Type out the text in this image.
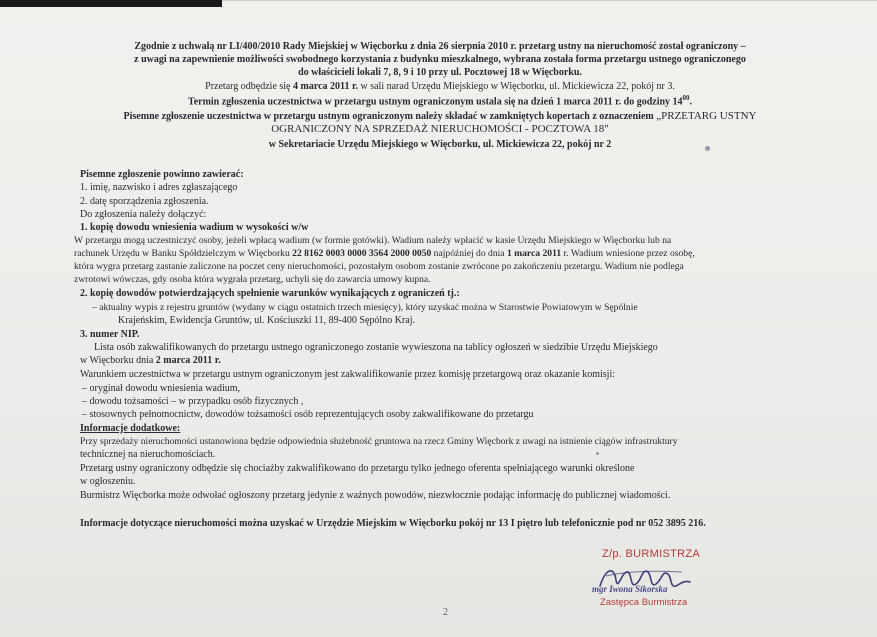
Zgodnie z uchwałą nr LI/400/2010 Rady Miejskiej w Więcborku z dnia 26 sierpnia 2010 r. przetarg ustny na nieruchomość został ograniczony –
z uwagi na zapewnienie możliwości swobodnego korzystania z budynku mieszkalnego, wybrana została forma przetargu ustnego ograniczonego
do właścicieli lokali 7, 8, 9 i 10 przy ul. Pocztowej 18 w Więcborku.
Przetarg odbędzie się 4 marca 2011 r. w sali narad Urzędu Miejskiego w Więcborku, ul. Mickiewicza 22, pokój nr 3.
Termin zgłoszenia uczestnictwa w przetargu ustnym ograniczonym ustala się na dzień 1 marca 2011 r. do godziny $14^{00}$.
Pisemne zgłoszenie uczestnictwa w przetargu ustnym ograniczonym należy składać w zamkniętych kopertach z oznaczeniem „PRZETARG USTNY
OGRANICZONY NA SPRZEDAŻ NIERUCHOMOŚCI - POCZTOWA 18"
w Sekretariacie Urzędu Miejskiego w Więcborku, ul. Mickiewicza 22, pokój nr 2
Pisemne zgłoszenie powinno zawierać:
1. imię, nazwisko i adres zgłaszającego
2. datę sporządzenia zgłoszenia.
Do zgłoszenia należy dołączyć:
1. kopię dowodu wniesienia wadium w wysokości w/w
W przetargu mogą uczestniczyć osoby, jeżeli wpłacą wadium (w formie gotówki). Wadium należy wpłacić w kasie Urzędu Miejskiego w Więcborku lub na
rachunek Urzędu w Banku Spółdzielczym w Więcborku 22 8162 0003 0000 3564 2000 0050 najpóźniej do dnia 1 marca 2011 r. Wadium wniesione przez osobę,
która wygra przetarg zastanie zaliczone na poczet ceny nieruchomości, pozostałym osobom zostanie zwrócone po zakończeniu przetargu. Wadium nie podlega
zwrotowi wówczas, gdy osoba która wygrała przetarg, uchyli się do zawarcia umowy kupna.
2. kopię dowodów potwierdzających spełnienie warunków wynikających z ograniczeń tj.:
– aktualny wypis z rejestru gruntów (wydany w ciągu ostatnich trzech miesięcy), który uzyskać można w Starostwie Powiatowym w Sępólnie
Krajeńskim, Ewidencja Gruntów, ul. Kościuszki 11, 89-400 Sępólno Kraj.
3. numer NIP.
Lista osób zakwalifikowanych do przetargu ustnego ograniczonego zostanie wywieszona na tablicy ogłoszeń w siedzibie Urzędu Miejskiego
w Więcborku dnia 2 marca 2011 r.
Warunkiem uczestnictwa w przetargu ustnym ograniczonym jest zakwalifikowanie przez komisję przetargową oraz okazanie komisji:
– oryginał dowodu wniesienia wadium,
– dowodu tożsamości – w przypadku osób fizycznych ,
– stosownych pełnomocnictw, dowodów tożsamości osób reprezentujących osoby zakwalifikowane do przetargu
Informacje dodatkowe:
Przy sprzedaży nieruchomości ustanowiona będzie odpowiednia służebność gruntowa na rzecz Gminy Więcbork z uwagi na istnienie ciągów infrastruktury
technicznej na nieruchomościach.
Przetarg ustny ograniczony odbędzie się chociażby zakwalifikowano do przetargu tylko jednego oferenta spełniającego warunki określone
w ogłoszeniu.
Burmistrz Więcborka może odwołać ogłoszony przetarg jedynie z ważnych powodów, niezwłocznie podając informację do publicznej wiadomości.
Informacje dotyczące nieruchomości można uzyskać w Urzędzie Miejskim w Więcborku pokój nr 13 I piętro lub telefonicznie pod nr 052 3895 216.
Z/p. BURMISTRZA
mgr Iwona Sikorska
Zastępca Burmistrza
2
